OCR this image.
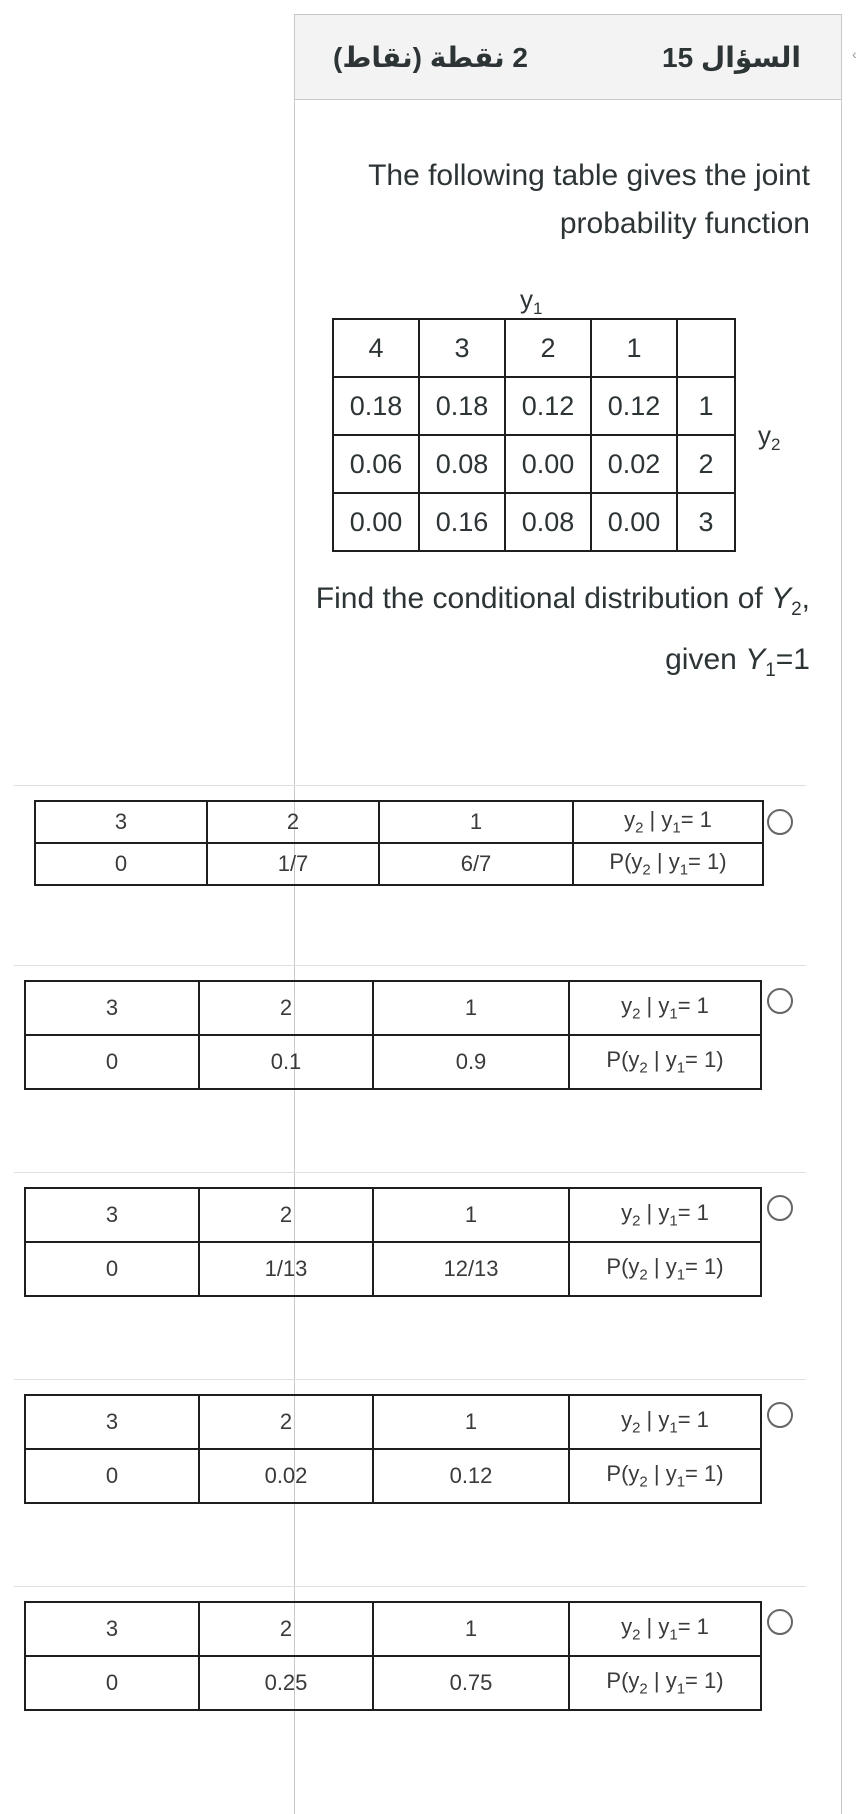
2 نقطة (نقاط)	السؤال 15	‹
The following table gives the joint probability function
$y_1$
4	3	2	1	
0.18	0.18	0.12	0.12	1
0.06	0.08	0.00	0.02	2
0.00	0.16	0.08	0.00	3
$y_2$
Find the conditional distribution of $Y_2$, given $Y_1=1$
3	2	1	$y_2$ | $y_1= 1$
0	1/7	6/7	$P(y_2$ | $y_1= 1$)
3	2	1	$y_2$ | $y_1= 1$
0	0.1	0.9	$P(y_2$ | $y_1= 1$)
3	2	1	$y_2$ | $y_1= 1$
0	1/13	12/13	$P(y_2$ | $y_1= 1$)
3	2	1	$y_2$ | $y_1= 1$
0	0.02	0.12	$P(y_2$ | $y_1= 1$)
3	2	1	$y_2$ | $y_1= 1$
0	0.25	0.75	$P(y_2$ | $y_1= 1$)
